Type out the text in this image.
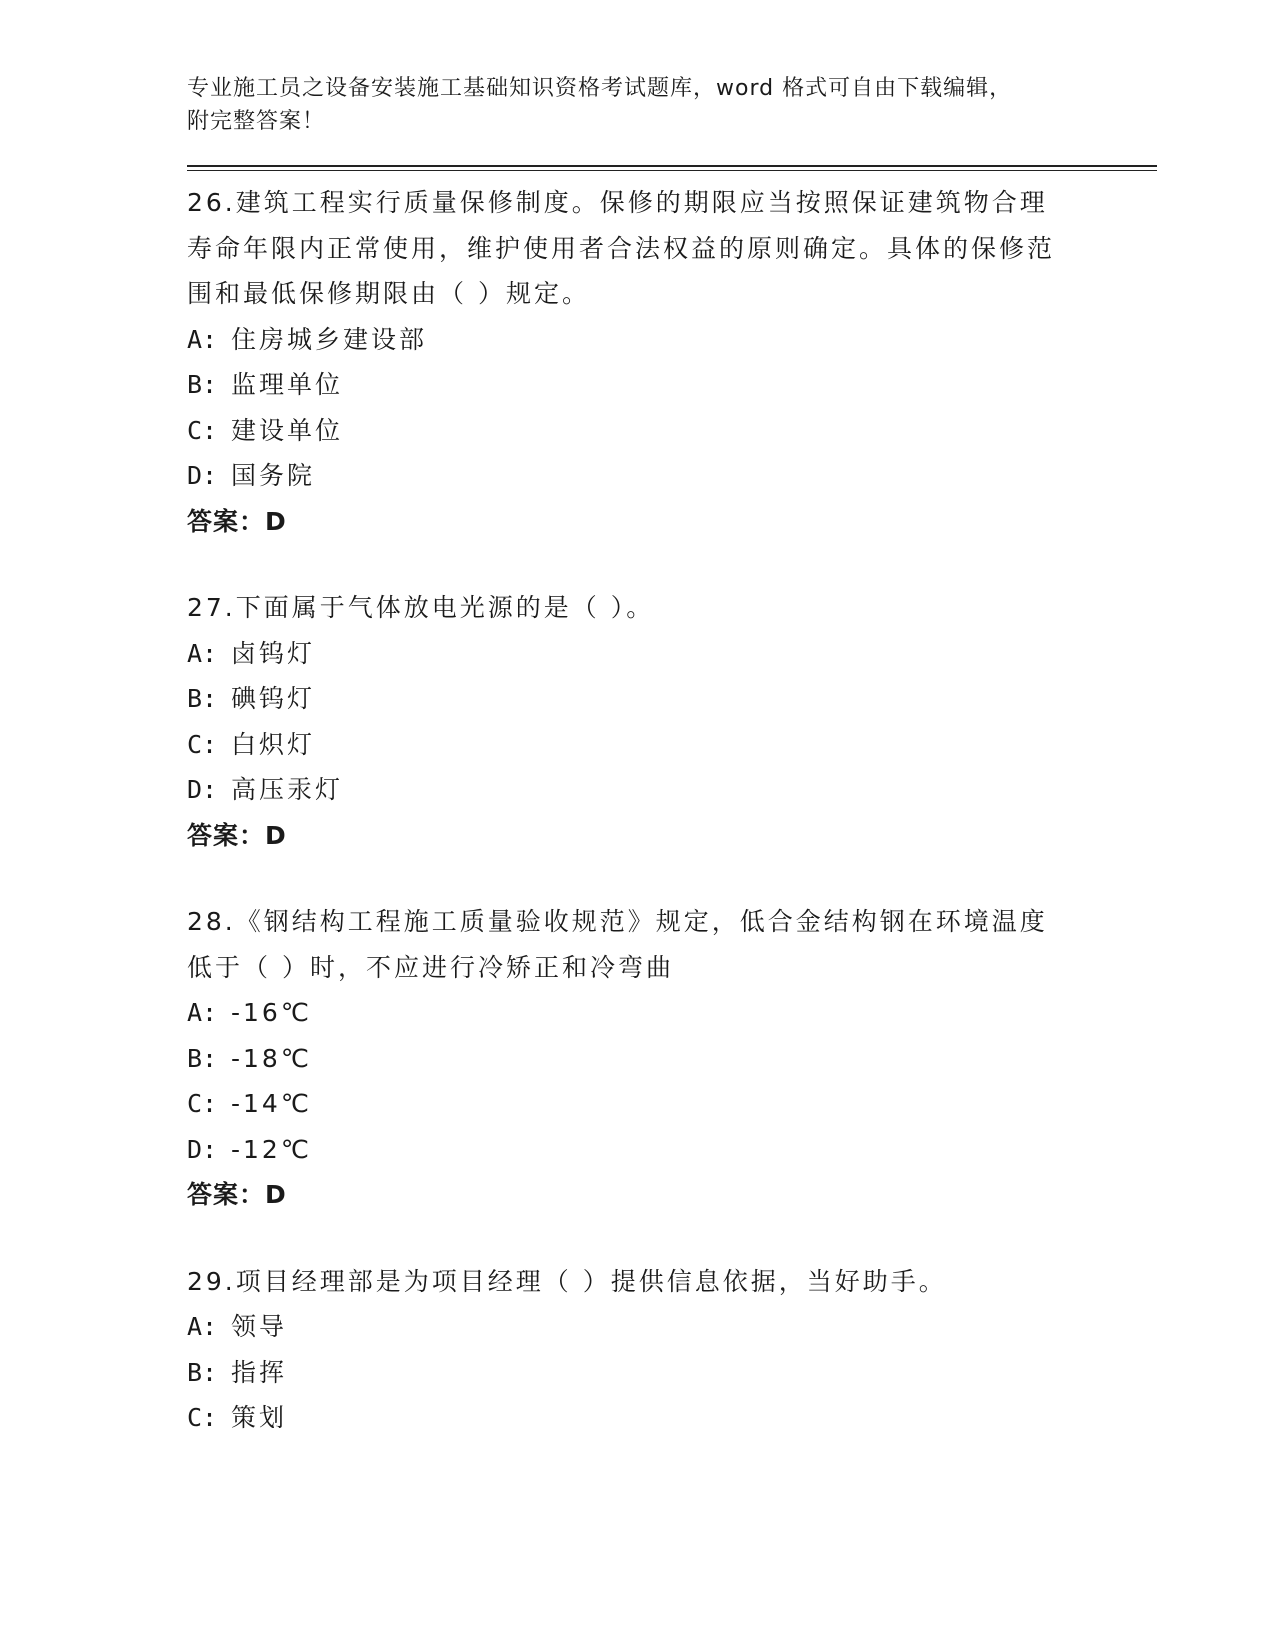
专业施工员之设备安装施工基础知识资格考试题库，word 格式可自由下载编辑，
附完整答案！
26.建筑工程实行质量保修制度。保修的期限应当按照保证建筑物合理寿命年限内正常使用，维护使用者合法权益的原则确定。具体的保修范围和最低保修期限由（ ）规定。
A: 住房城乡建设部
B: 监理单位
C: 建设单位
D: 国务院
答案：D
27.下面属于气体放电光源的是（ ）。
A: 卤钨灯
B: 碘钨灯
C: 白炽灯
D: 高压汞灯
答案：D
28.《钢结构工程施工质量验收规范》规定，低合金结构钢在环境温度低于（ ）时，不应进行冷矫正和冷弯曲
A: -16℃
B: -18℃
C: -14℃
D: -12℃
答案：D
29.项目经理部是为项目经理（ ）提供信息依据，当好助手。
A: 领导
B: 指挥
C: 策划
